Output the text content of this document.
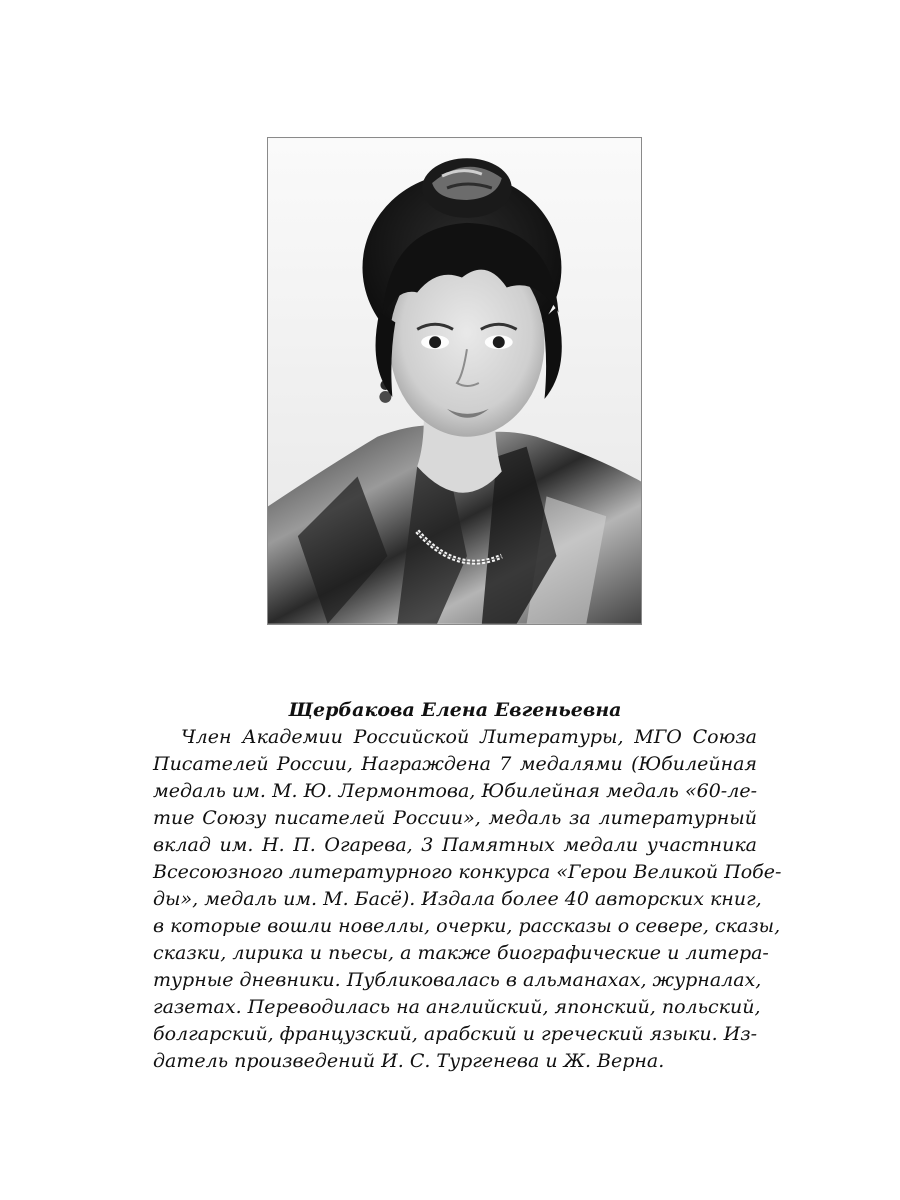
Щербакова Елена Евгеньевна

Член Академии Российской Литературы, МГО Союза
Писателей России, Награждена 7 медалями (Юбилейная
медаль им. М. Ю. Лермонтова, Юбилейная медаль «60-ле-
тие Союзу писателей России», медаль за литературный
вклад им. Н. П. Огарева, 3 Памятных медали участника
Всесоюзного литературного конкурса «Герои Великой Побе-
ды», медаль им. М. Басё). Издала более 40 авторских книг,
в которые вошли новеллы, очерки, рассказы о севере, сказы,
сказки, лирика и пьесы, а также биографические и литера-
турные дневники. Публиковалась в альманахах, журналах,
газетах. Переводилась на английский, японский, польский,
болгарский, французский, арабский и греческий языки. Из-
датель произведений И. С. Тургенева и Ж. Верна.
